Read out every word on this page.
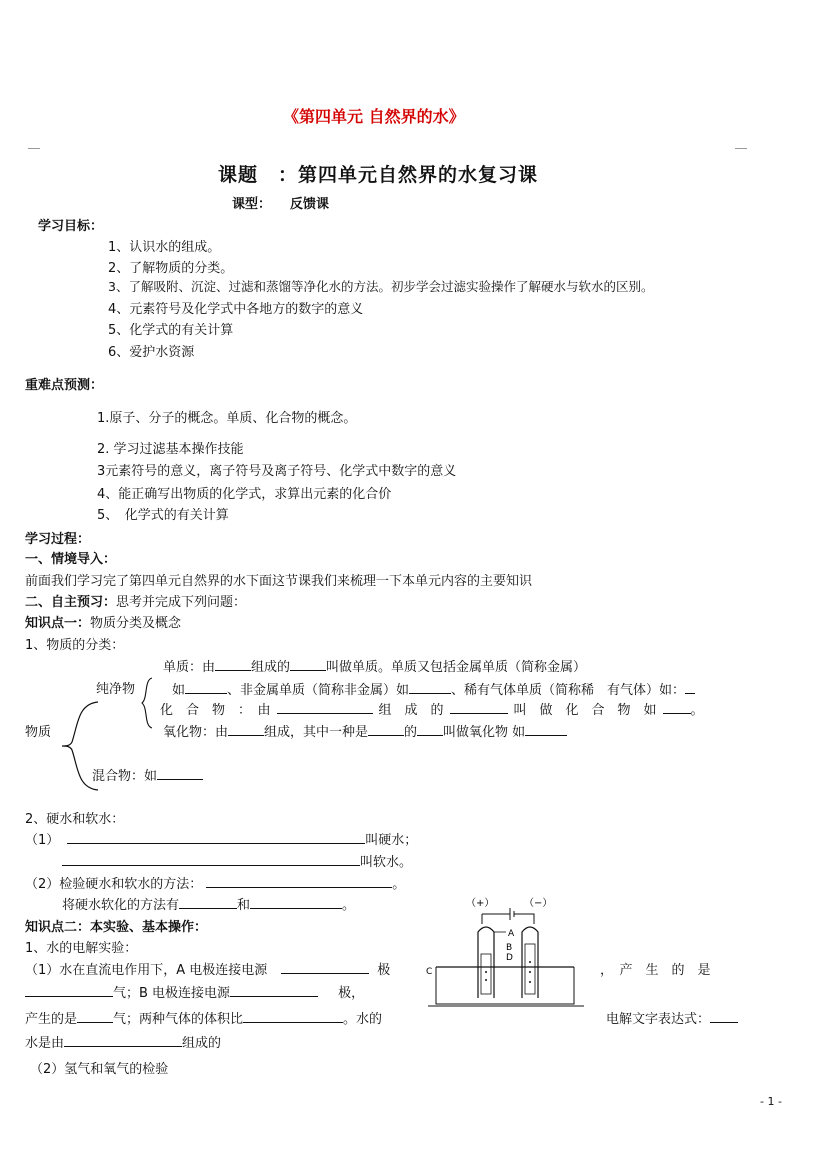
《第四单元 自然界的水》
课题　：第四单元自然界的水复习课
课型： 反馈课
学习目标：
1、认识水的组成。
2、了解物质的分类。
3、了解吸附、沉淀、过滤和蒸馏等净化水的方法。初步学会过滤实验操作了解硬水与软水的区别。
4、元素符号及化学式中各地方的数字的意义
5、化学式的有关计算
6、爱护水资源
重难点预测：
1.原子、分子的概念。单质、化合物的概念。
2. 学习过滤基本操作技能
3元素符号的意义，离子符号及离子符号、化学式中数字的意义
4、能正确写出物质的化学式，求算出元素的化合价
5、　化学式的有关计算
学习过程：
一、情境导入：
前面我们学习完了第四单元自然界的水下面这节课我们来梳理一下本单元内容的主要知识
二、自主预习：思考并完成下列问题：
知识点一：物质分类及概念
1、物质的分类：
单质：由	组成的	叫做单质。单质又包括金属单质（简称金属）
纯净物	如	、非金属单质（简称非金属）如	、稀有气体单质（简称稀　有气体）如：
化　合　物　：　由	组　成　的	叫　做　化　合　物　如	。
物质	氧化物：由	组成，其中一种是	的 叫做氧化物 如
混合物：如
2、硬水和软水：
（1）	叫硬水；
叫软水。
（2）检验硬水和软水的方法：	。
将硬水软化的方法有	和	。
知识点二：本实验、基本操作：
1、水的电解实验：
（1）水在直流电作用下，A 电极连接电源	极	，　产　生　的　是
气；B 电极连接电源	极，
产生的是	气；两种气体的体积比	。水的	电解文字表达式：
水是由	组成的
（2）氢气和氧气的检验
（+）	（−）
A
B
D
C
- 1 -
